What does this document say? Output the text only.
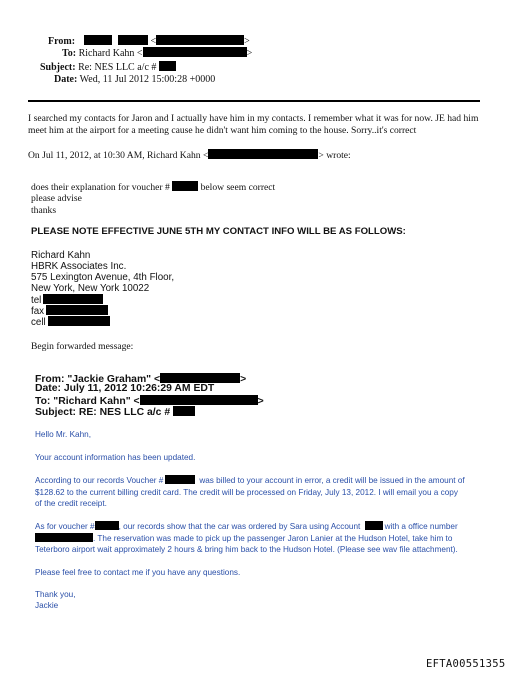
From:	<	>
To: Richard Kahn <	>
Subject: Re: NES LLC a/c #
Date: Wed, 11 Jul 2012 15:00:28 +0000
I searched my contacts for Jaron and I actually have him in my contacts. I remember what it was for now. JE had him meet him at the airport for a meeting cause he didn't want him coming to the house. Sorry..it's correct
On Jul 11, 2012, at 10:30 AM, Richard Kahn <	> wrote:
does their explanation for voucher #	below seem correct
please advise
thanks
PLEASE NOTE EFFECTIVE JUNE 5TH MY CONTACT INFO WILL BE AS FOLLOWS:
Richard Kahn
HBRK Associates Inc.
575 Lexington Avenue, 4th Floor,
New York, New York 10022
tel
fax
cell
Begin forwarded message:
From: "Jackie Graham" <	>
Date: July 11, 2012 10:26:29 AM EDT
To: "Richard Kahn" <	>
Subject: RE: NES LLC a/c #
Hello Mr. Kahn,
Your account information has been updated.
According to our records Voucher #	was billed to your account in error, a credit will be issued in the amount of
$128.62 to the current billing credit card. The credit will be processed on Friday, July 13, 2012. I will email you a copy
of the credit receipt.
As for voucher #	, our records show that the car was ordered by Sara using Account	with a office number
. The reservation was made to pick up the passenger Jaron Lanier at the Hudson Hotel, take him to
Teterboro airport wait approximately 2 hours & bring him back to the Hudson Hotel. (Please see wav file attachment).
Please feel free to contact me if you have any questions.
Thank you,
Jackie
EFTA00551355
